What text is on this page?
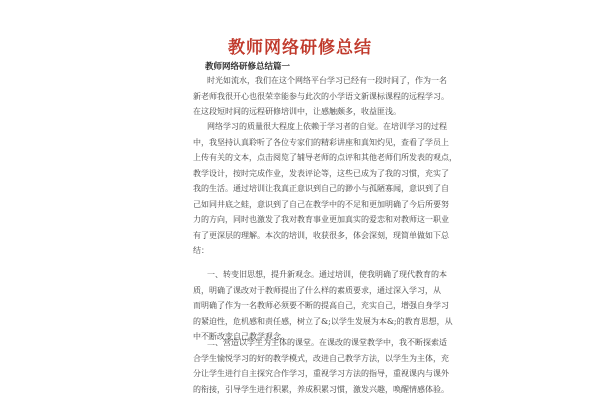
教师网络研修总结
教师网络研修总结篇一
时光如流水，我们在这个网络平台学习已经有一段时间了，作为一名
新老师我很开心也很荣幸能参与此次的小学语文新课标课程的远程学习。
在这段短时间的远程研修培训中，让感触颇多，收益匪浅。
网络学习的质量很大程度上依赖于学习者的自觉。在培训学习的过程
中，我坚持认真聆听了各位专家们的精彩讲座和真知灼见，查看了学员上
上传有关的文本，点击阅览了辅导老师的点评和其他老师们所发表的观点，
教学设计，按时完成作业，发表评论等，这些已成为了我的习惯，充实了
我的生活。通过培训让我真正意识到自己的渺小与孤陋寡闻，意识到了自
己如同井底之蛙，意识到了自己在教学中的不足和更加明确了今后所要努
力的方向，同时也激发了我对教育事业更加真实的爱恋和对教师这一职业
有了更深层的理解。本次的培训，收获很多，体会深刻，现简单做如下总
结：
一、转变旧思想，提升新观念。通过培训，使我明确了现代教育的本
质，明确了课改对于教师提出了什么样的素质要求，通过深入学习，从
而明确了作为一名教师必须要不断的提高自己，充实自己，增强自身学习
的紧迫性，危机感和责任感，树立了&;以学生发展为本&;的教育思想，从
中不断改变自己教学观念。
二、营造以学生为主体的课堂。在课改的课堂教学中，我不断探索适
合学生愉悦学习的好的教学模式，改进自己教学方法，以学生为主体，充
分让学生进行自主探究合作学习，重视学习方法的指导，重视课内与课外
的衔接，引导学生进行积累，养成积累习惯，激发兴趣，唤醒情感体验。
